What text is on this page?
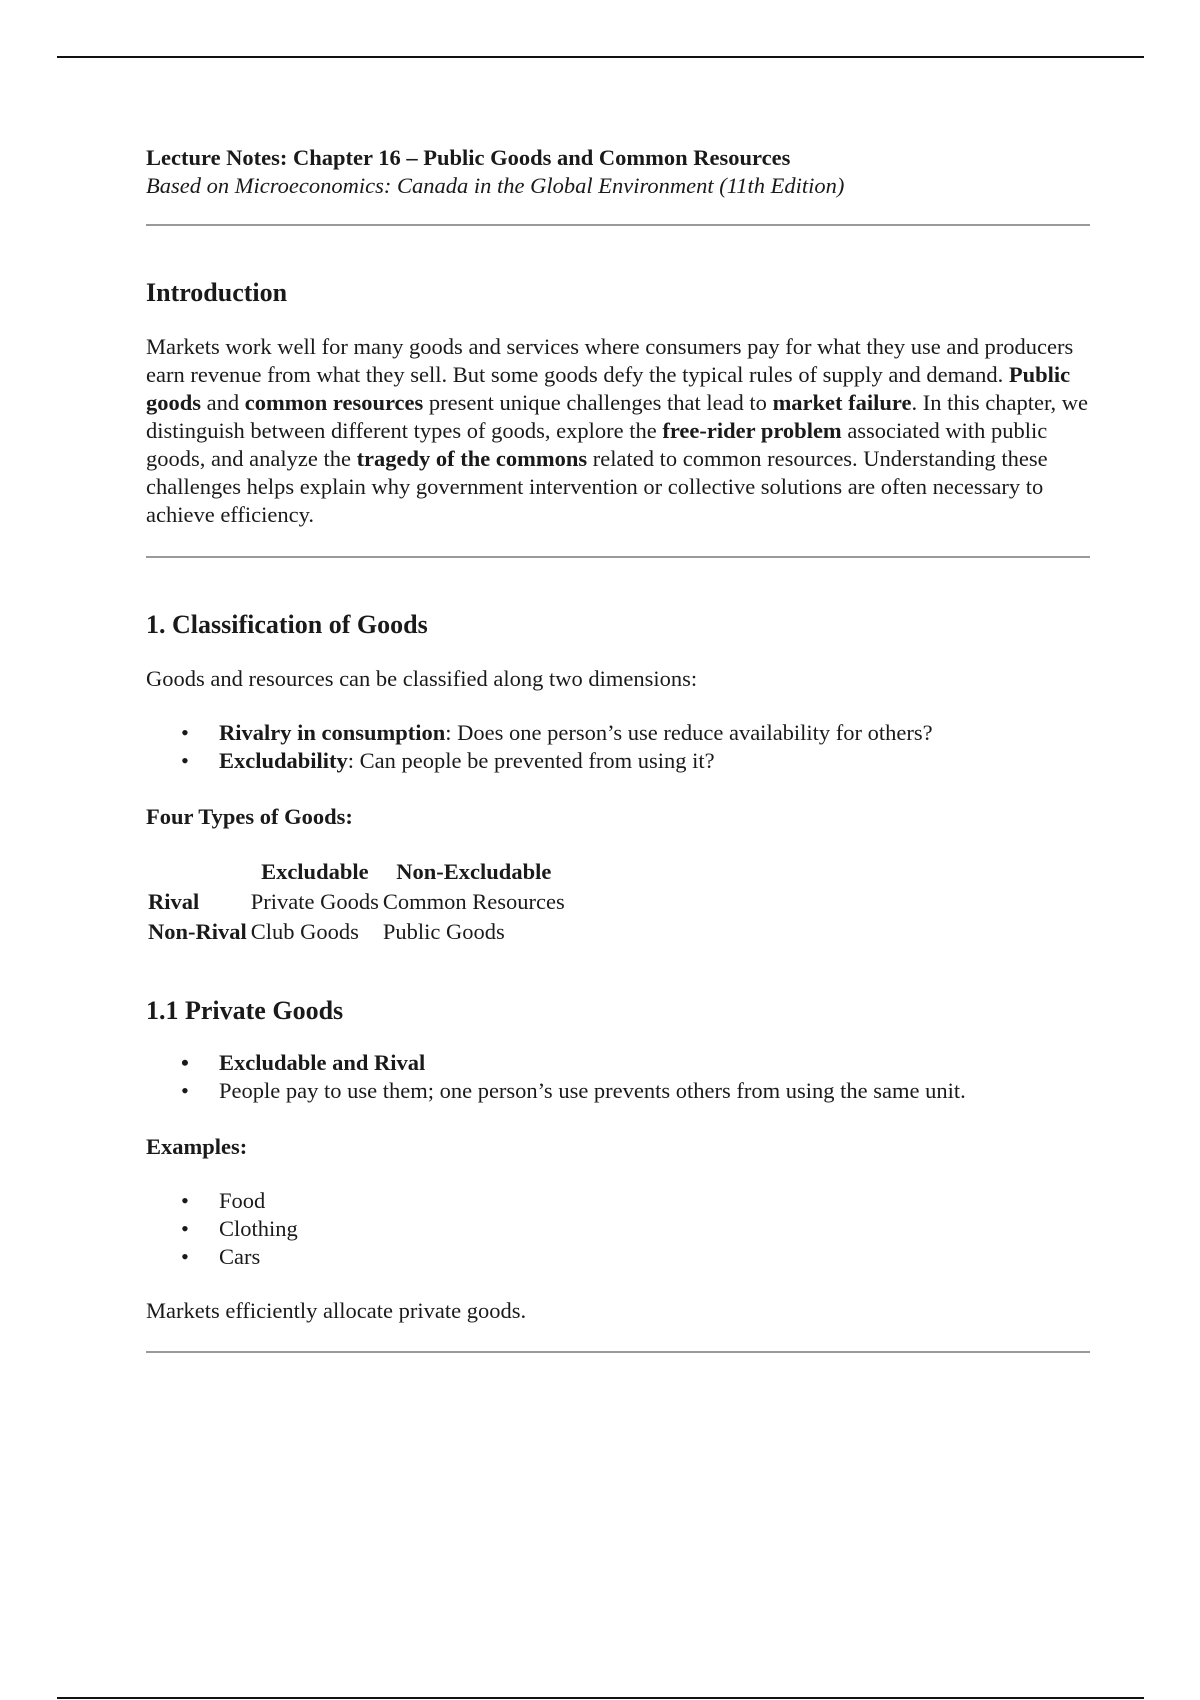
Lecture Notes: Chapter 16 – Public Goods and Common Resources
Based on Microeconomics: Canada in the Global Environment (11th Edition)
Introduction

Markets work well for many goods and services where consumers pay for what they use and producers earn revenue from what they sell. But some goods defy the typical rules of supply and demand. Public goods and common resources present unique challenges that lead to market failure. In this chapter, we distinguish between different types of goods, explore the free-rider problem associated with public goods, and analyze the tragedy of the commons related to common resources. Understanding these challenges helps explain why government intervention or collective solutions are often necessary to achieve efficiency.

1. Classification of Goods

Goods and resources can be classified along two dimensions:

• Rivalry in consumption: Does one person’s use reduce availability for others?
• Excludability: Can people be prevented from using it?

Four Types of Goods:

	Excludable	Non-Excludable
Rival	Private Goods	Common Resources
Non-Rival	Club Goods	Public Goods
1.1 Private Goods
• Excludable and Rival
• People pay to use them; one person’s use prevents others from using the same unit.

Examples:

• Food
• Clothing
• Cars

Markets efficiently allocate private goods.
